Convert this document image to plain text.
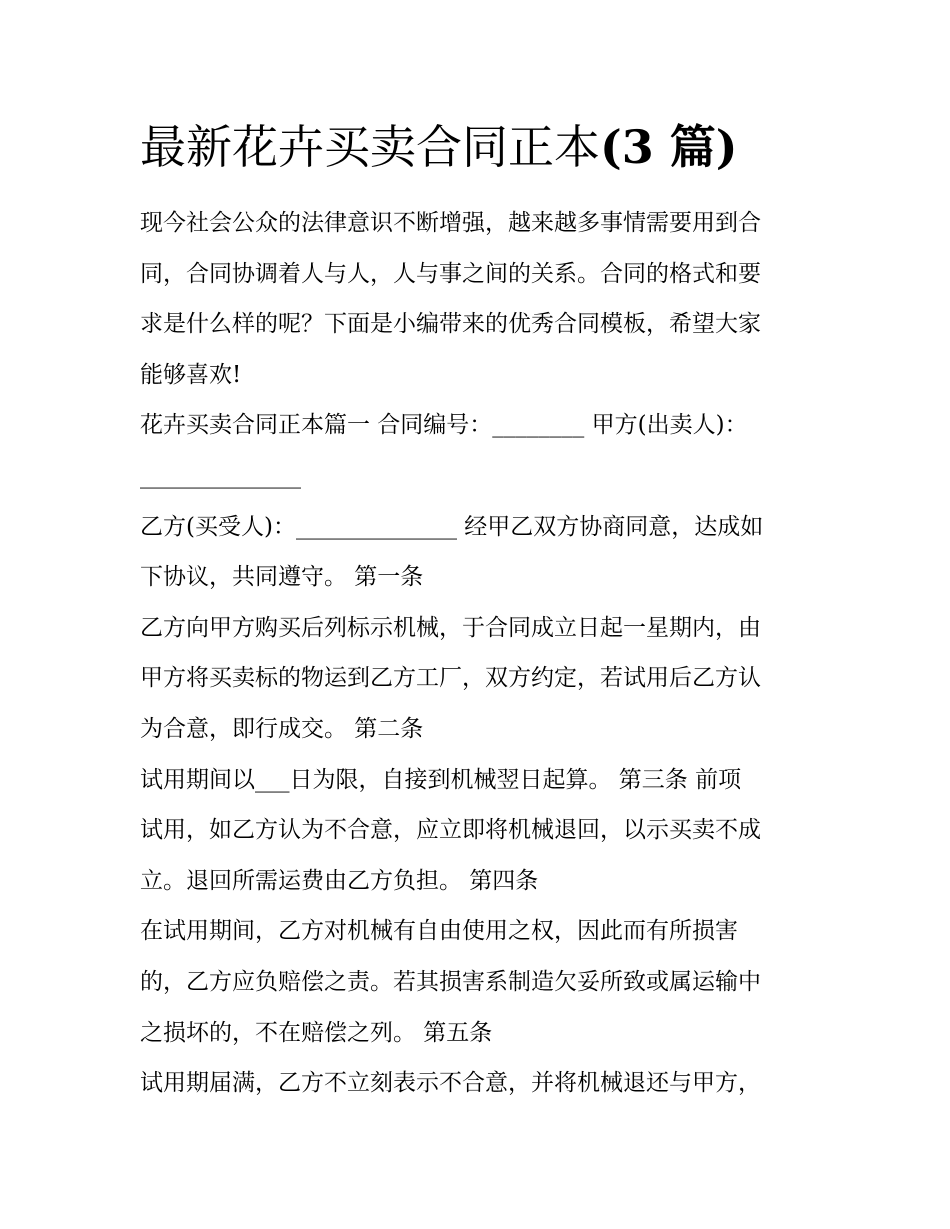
最新花卉买卖合同正本(3 篇)
现今社会公众的法律意识不断增强，越来越多事情需要用到合
同，合同协调着人与人，人与事之间的关系。合同的格式和要
求是什么样的呢？下面是小编带来的优秀合同模板，希望大家
能够喜欢!
花卉买卖合同正本篇一 合同编号：________ 甲方(出卖人)：
______________
乙方(买受人)：______________ 经甲乙双方协商同意，达成如
下协议，共同遵守。 第一条
乙方向甲方购买后列标示机械，于合同成立日起一星期内，由
甲方将买卖标的物运到乙方工厂，双方约定，若试用后乙方认
为合意，即行成交。 第二条
试用期间以___日为限，自接到机械翌日起算。 第三条 前项
试用，如乙方认为不合意，应立即将机械退回，以示买卖不成
立。退回所需运费由乙方负担。 第四条
在试用期间，乙方对机械有自由使用之权，因此而有所损害
的，乙方应负赔偿之责。若其损害系制造欠妥所致或属运输中
之损坏的，不在赔偿之列。 第五条
试用期届满，乙方不立刻表示不合意，并将机械退还与甲方，
